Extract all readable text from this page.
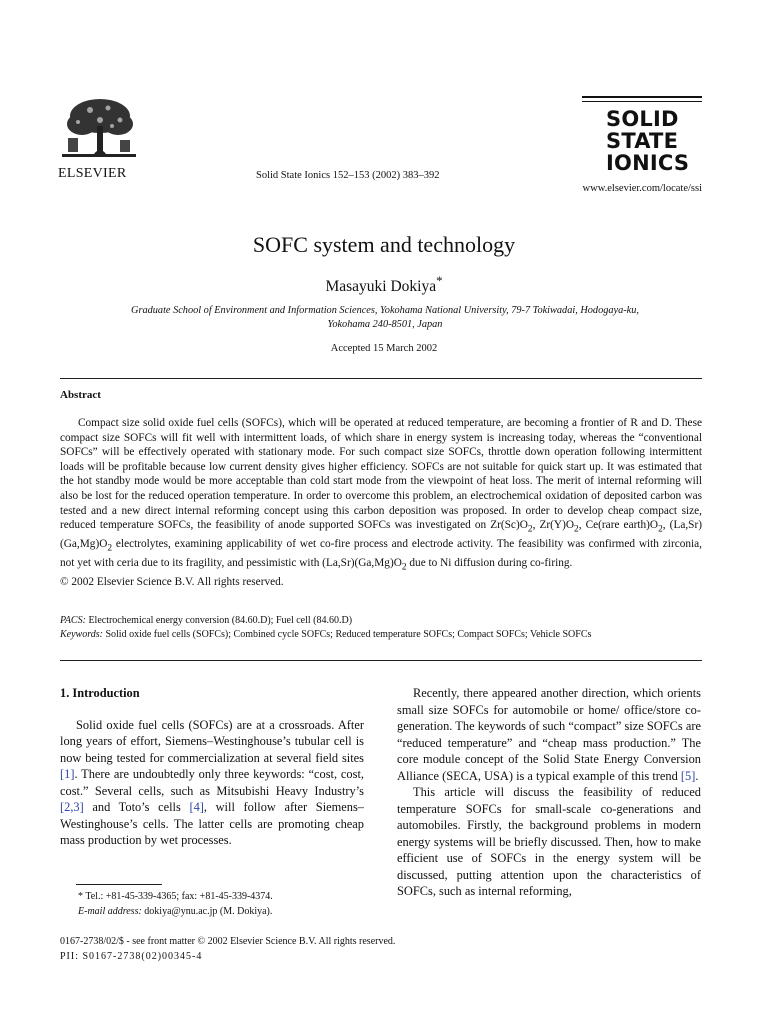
ELSEVIER	Solid State Ionics 152–153 (2002) 383–392
SOLID
STATE
IONICS
www.elsevier.com/locate/ssi
SOFC system and technology
Masayuki Dokiya*
Graduate School of Environment and Information Sciences, Yokohama National University, 79-7 Tokiwadai, Hodogaya-ku,
Yokohama 240-8501, Japan
Accepted 15 March 2002
Abstract

Compact size solid oxide fuel cells (SOFCs), which will be operated at reduced temperature, are becoming a frontier of R and D. These compact size SOFCs will fit well with intermittent loads, of which share in energy system is increasing today, whereas the “conventional SOFCs” will be effectively operated with stationary mode. For such compact size SOFCs, throttle down operation following intermittent loads will be profitable because low current density gives higher efficiency. SOFCs are not suitable for quick start up. It was estimated that the hot standby mode would be more acceptable than cold start mode from the viewpoint of heat loss. The merit of internal reforming will also be lost for the reduced operation temperature. In order to overcome this problem, an electrochemical oxidation of deposited carbon was tested and a new direct internal reforming concept using this carbon deposition was proposed. In order to develop cheap compact size, reduced temperature SOFCs, the feasibility of anode supported SOFCs was investigated on $Zr(Sc)O_2$, $Zr(Y)O_2$, Ce(rare $earth)O_2$, $(La,Sr)(Ga,Mg)O_2$ electrolytes, examining applicability of wet co-fire process and electrode activity. The feasibility was confirmed with zirconia, not yet with ceria due to its fragility, and pessimistic with $(La,Sr)(Ga,Mg)O_2$ due to Ni diffusion during co-firing.

© 2002 Elsevier Science B.V. All rights reserved.
PACS: Electrochemical energy conversion (84.60.D); Fuel cell (84.60.D)
Keywords: Solid oxide fuel cells (SOFCs); Combined cycle SOFCs; Reduced temperature SOFCs; Compact SOFCs; Vehicle SOFCs
1. Introduction

Solid oxide fuel cells (SOFCs) are at a crossroads. After long years of effort, Siemens–Westinghouse’s tubular cell is now being tested for commercialization at several field sites [1]. There are undoubtedly only three keywords: “cost, cost, cost.” Several cells, such as Mitsubishi Heavy Industry’s [2,3] and Toto’s cells [4], will follow after Siemens–Westinghouse’s cells. The latter cells are promoting cheap mass production by wet processes.

* Tel.: +81-45-339-4365; fax: +81-45-339-4374.
E-mail address: dokiya@ynu.ac.jp (M. Dokiya).

Recently, there appeared another direction, which orients small size SOFCs for automobile or home/ office/store co-generation. The keywords of such “compact” size SOFCs are “reduced temperature” and “cheap mass production.” The core module concept of the Solid State Energy Conversion Alliance (SECA, USA) is a typical example of this trend [5].

This article will discuss the feasibility of reduced temperature SOFCs for small-scale co-generations and automobiles. Firstly, the background problems in modern energy systems will be briefly discussed. Then, how to make efficient use of SOFCs in the energy system will be discussed, putting attention upon the characteristics of SOFCs, such as internal reforming,

0167-2738/02/$ - see front matter © 2002 Elsevier Science B.V. All rights reserved.
PII: S0167-2738(02)00345-4
